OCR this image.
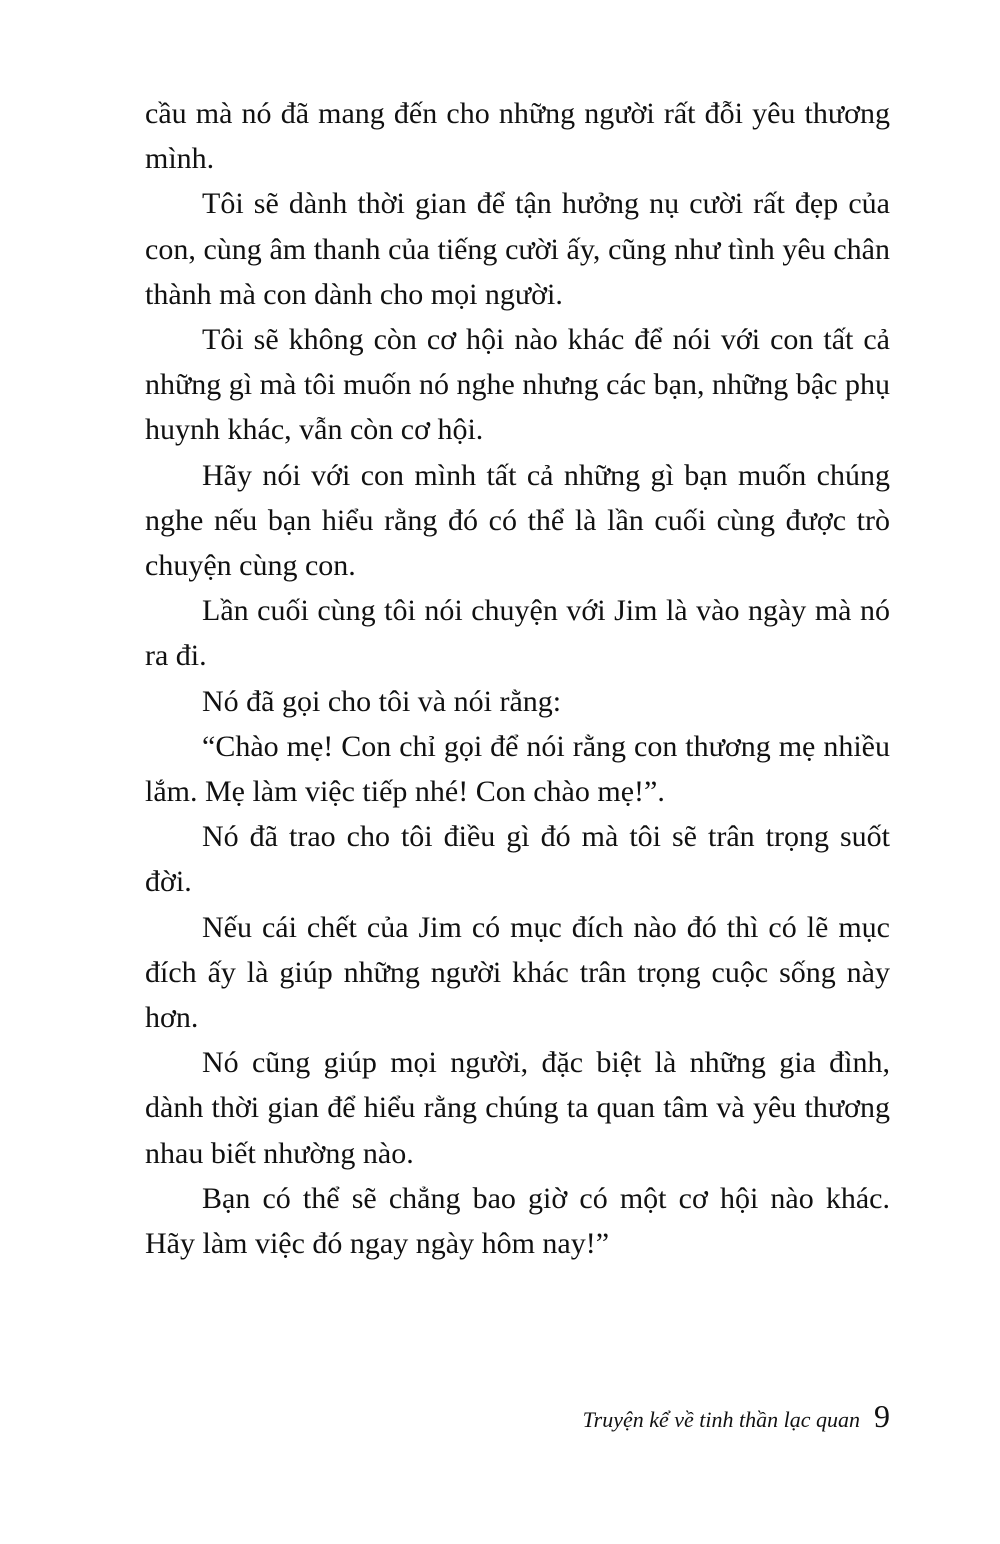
cầu mà nó đã mang đến cho những người rất đỗi yêu thương mình.

Tôi sẽ dành thời gian để tận hưởng nụ cười rất đẹp của con, cùng âm thanh của tiếng cười ấy, cũng như tình yêu chân thành mà con dành cho mọi người.

Tôi sẽ không còn cơ hội nào khác để nói với con tất cả những gì mà tôi muốn nó nghe nhưng các bạn, những bậc phụ huynh khác, vẫn còn cơ hội.

Hãy nói với con mình tất cả những gì bạn muốn chúng nghe nếu bạn hiểu rằng đó có thể là lần cuối cùng được trò chuyện cùng con.

Lần cuối cùng tôi nói chuyện với Jim là vào ngày mà nó ra đi.

Nó đã gọi cho tôi và nói rằng:

“Chào mẹ! Con chỉ gọi để nói rằng con thương mẹ nhiều lắm. Mẹ làm việc tiếp nhé! Con chào mẹ!”.

Nó đã trao cho tôi điều gì đó mà tôi sẽ trân trọng suốt đời.

Nếu cái chết của Jim có mục đích nào đó thì có lẽ mục đích ấy là giúp những người khác trân trọng cuộc sống này hơn.

Nó cũng giúp mọi người, đặc biệt là những gia đình, dành thời gian để hiểu rằng chúng ta quan tâm và yêu thương nhau biết nhường nào.

Bạn có thể sẽ chẳng bao giờ có một cơ hội nào khác. Hãy làm việc đó ngay ngày hôm nay!”

Truyện kể về tinh thần lạc quan 9
